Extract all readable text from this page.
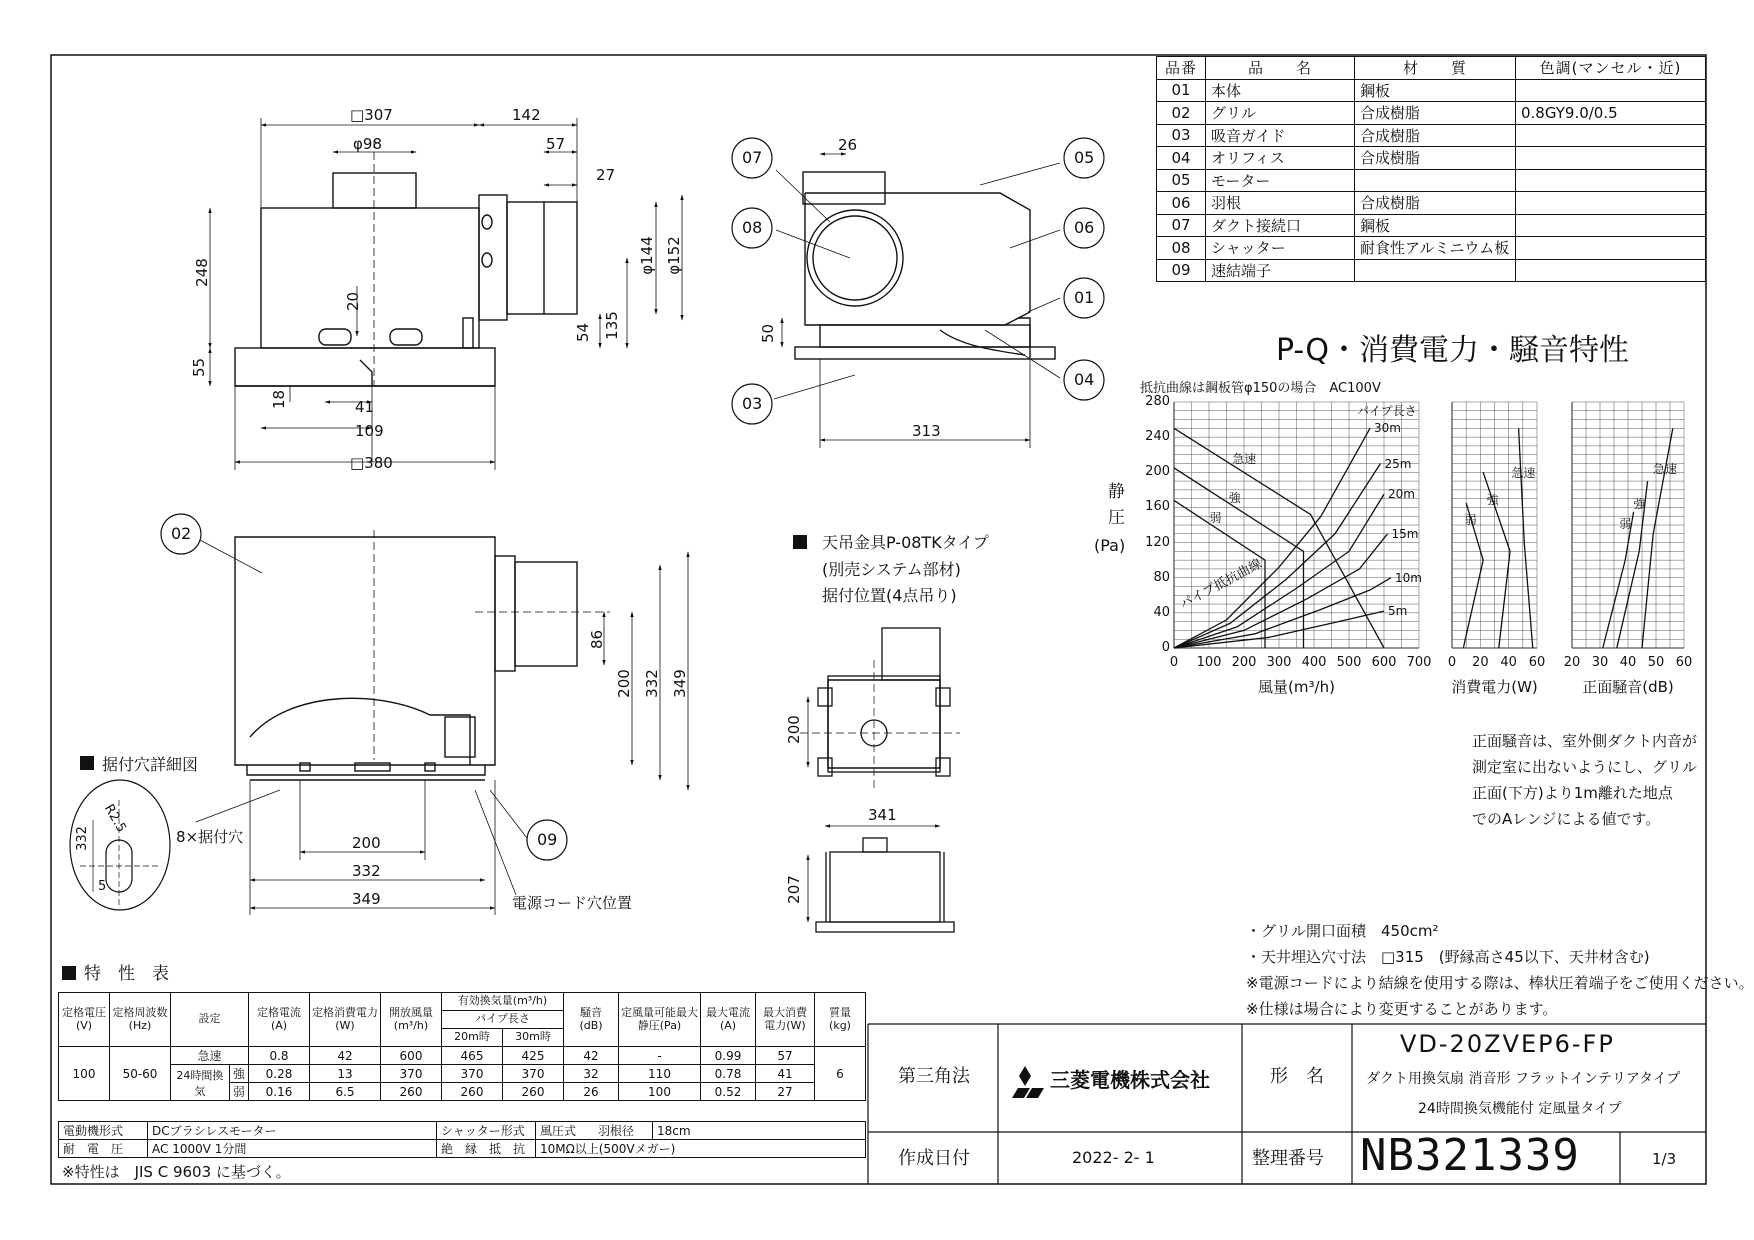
□307	142
φ98	57
27
248	φ144 φ152
20
54 135
55
18	41
109
□380
26
50
313
07
08
03
05
06
01
04
02
09
86
200 332 349
200
332
349
据付穴詳細図
8×据付穴
332
R2.5
5
電源コード穴位置
天吊金具P-08TKタイプ
(別売システム部材)
据付位置(4点吊り)
200
341
207
品番	品　　名	材　　質	色調(マンセル・近)
01	本体	鋼板	
02	グリル	合成樹脂	0.8GY9.0/0.5
03	吸音ガイド	合成樹脂	
04	オリフィス	合成樹脂	
05	モーター		
06	羽根	合成樹脂	
07	ダクト接続口	鋼板	
08	シャッター	耐食性アルミニウム板	
09	速結端子		
P-Q・消費電力・騒音特性
抵抗曲線は鋼板管φ150の場合　AC100V
静
圧
(Pa)
急速
強
弱
30m
25m
20m
15m
10m
5m
0 100 200 300 400 500 600 700
風量(m³/h)
0
40
80
120
160
200
240
280
パイプ長さ
パイプ抵抗曲線
急速
強
弱
0 20 40 60
消費電力(W)
急速
強
弱
20 30 40 50 60
正面騒音(dB)
正面騒音は、室外側ダクト内音が
測定室に出ないようにし、グリル
正面(下方)より1m離れた地点
でのAレンジによる値です。
・グリル開口面積　450cm²
・天井埋込穴寸法　□315　(野縁高さ45以下、天井材含む)
※電源コードにより結線を使用する際は、棒状圧着端子をご使用ください。
※仕様は場合により変更することがあります。
特　性　表
定格電圧
(V)	定格周波数
(Hz)	設定		定格電流
(A)	定格消費電力
(W)	開放風量
(m³/h)	有効換気量(m³/h)		騒音
(dB)	定風量可能最大
静圧(Pa)	最大電流
(A)	最大消費
電力(W)	質量
(kg)
							パイプ長さ						
							20m時	30m時					
100	50-60	急速		0.8	42	600	465	425	42	-	0.99	57	6
		24時間換気	強	0.28	13	370	370	370	32	110	0.78	41	
			弱	0.16	6.5	260	260	260	26	100	0.52	27	
電動機形式	DCブラシレスモーター	シャッター形式	風圧式	羽根径	18cm
耐　電　圧	AC 1000V 1分間	絶　縁　抵　抗	10MΩ以上(500Vメガー)		
※特性は　JIS C 9603 に基づく。
第三角法	三菱電機株式会社	形　名
VD-20ZVEP6-FP
ダクト用換気扇 消音形 フラットインテリアタイプ
24時間換気機能付 定風量タイプ
作成日付	2022- 2- 1	整理番号 NB321339	1/3
